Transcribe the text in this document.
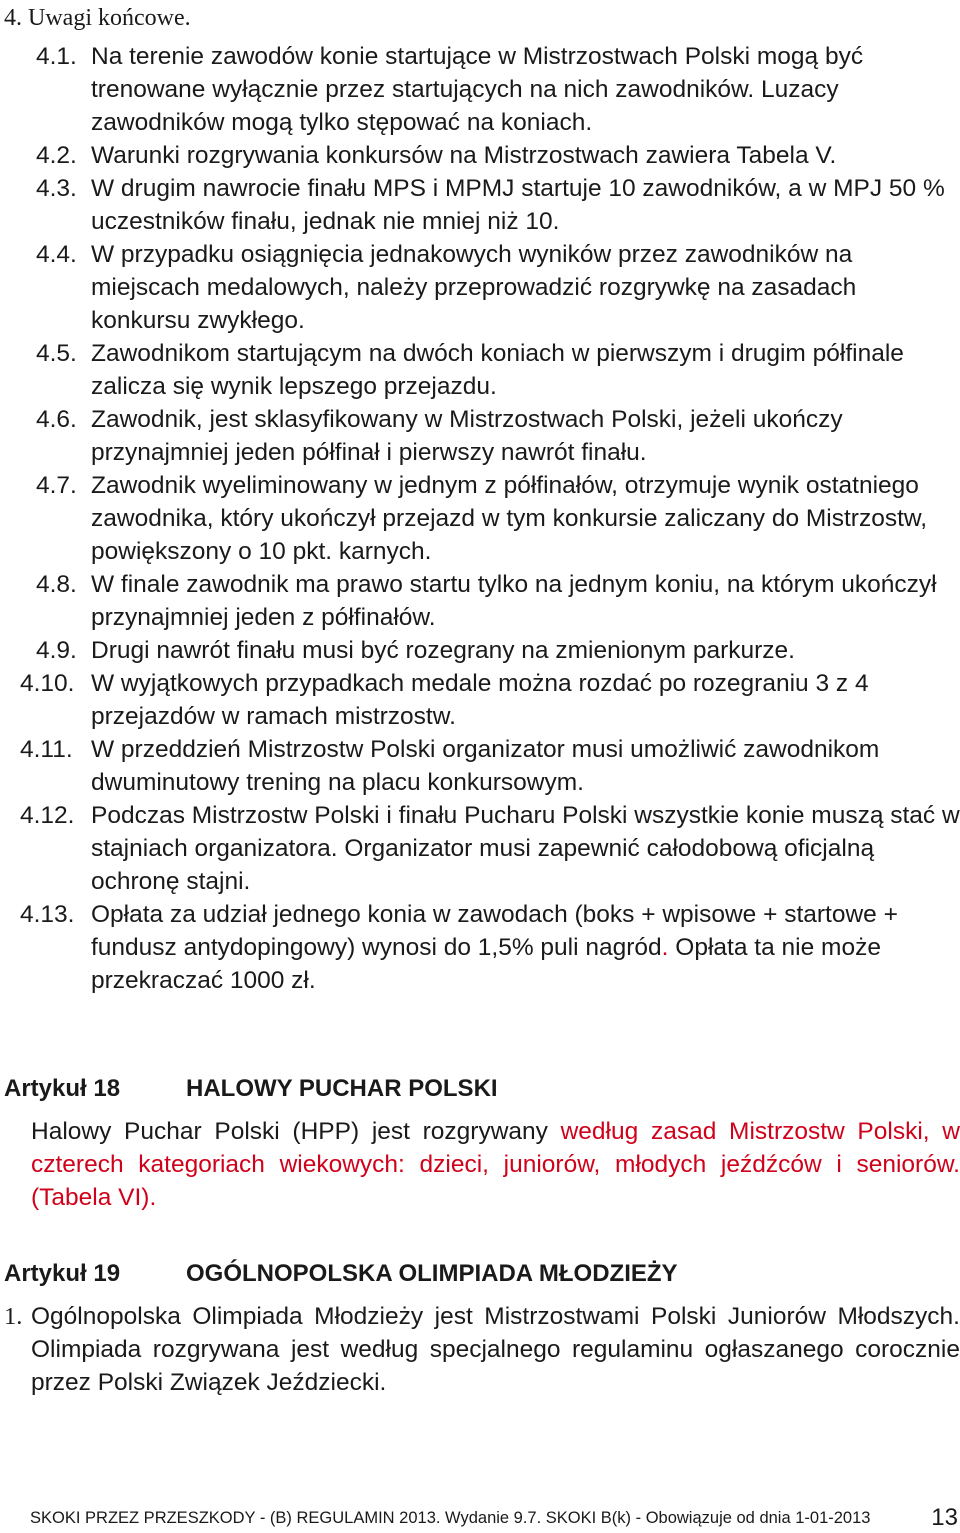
4. Uwagi końcowe.
4.1. Na terenie zawodów konie startujące w Mistrzostwach Polski mogą być trenowane wyłącznie przez startujących na nich zawodników. Luzacy zawodników mogą tylko stępować na koniach.
4.2. Warunki rozgrywania konkursów na Mistrzostwach zawiera Tabela V.
4.3. W drugim nawrocie finału MPS i MPMJ startuje 10 zawodników, a w MPJ 50 % uczestników finału, jednak nie mniej niż 10.
4.4. W przypadku osiągnięcia jednakowych wyników przez zawodników na miejscach medalowych, należy przeprowadzić rozgrywkę na zasadach konkursu zwykłego.
4.5. Zawodnikom startującym na dwóch koniach w pierwszym i drugim półfinale zalicza się wynik lepszego przejazdu.
4.6. Zawodnik, jest sklasyfikowany w Mistrzostwach Polski, jeżeli ukończy przynajmniej jeden półfinał i pierwszy nawrót finału.
4.7. Zawodnik wyeliminowany w jednym z półfinałów, otrzymuje wynik ostatniego zawodnika, który ukończył przejazd w tym konkursie zaliczany do Mistrzostw, powiększony o 10 pkt. karnych.
4.8. W finale zawodnik ma prawo startu tylko na jednym koniu, na którym ukończył przynajmniej jeden z półfinałów.
4.9. Drugi nawrót finału musi być rozegrany na zmienionym parkurze.
4.10. W wyjątkowych przypadkach medale można rozdać po rozegraniu 3 z 4 przejazdów w ramach mistrzostw.
4.11. W przeddzień Mistrzostw Polski organizator musi umożliwić zawodnikom dwuminutowy trening na placu konkursowym.
4.12. Podczas Mistrzostw Polski i finału Pucharu Polski wszystkie konie muszą stać w stajniach organizatora. Organizator musi zapewnić całodobową oficjalną ochronę stajni.
4.13. Opłata za udział jednego konia w zawodach (boks + wpisowe + startowe + fundusz antydopingowy) wynosi do 1,5% puli nagród. Opłata ta nie może przekraczać 1000 zł.
Artykuł 18	HALOWY PUCHAR POLSKI
Halowy Puchar Polski (HPP) jest rozgrywany według zasad Mistrzostw Polski, w czterech kategoriach wiekowych: dzieci, juniorów, młodych jeźdźców i seniorów. (Tabela VI).
Artykuł 19	OGÓLNOPOLSKA OLIMPIADA MŁODZIEŻY
1. Ogólnopolska Olimpiada Młodzieży jest Mistrzostwami Polski Juniorów Młodszych. Olimpiada rozgrywana jest według specjalnego regulaminu ogłaszanego corocznie przez Polski Związek Jeździecki.
SKOKI PRZEZ PRZESZKODY - (B) REGULAMIN 2013. Wydanie 9.7. SKOKI B(k) - Obowiązuje od dnia 1-01-2013	13
